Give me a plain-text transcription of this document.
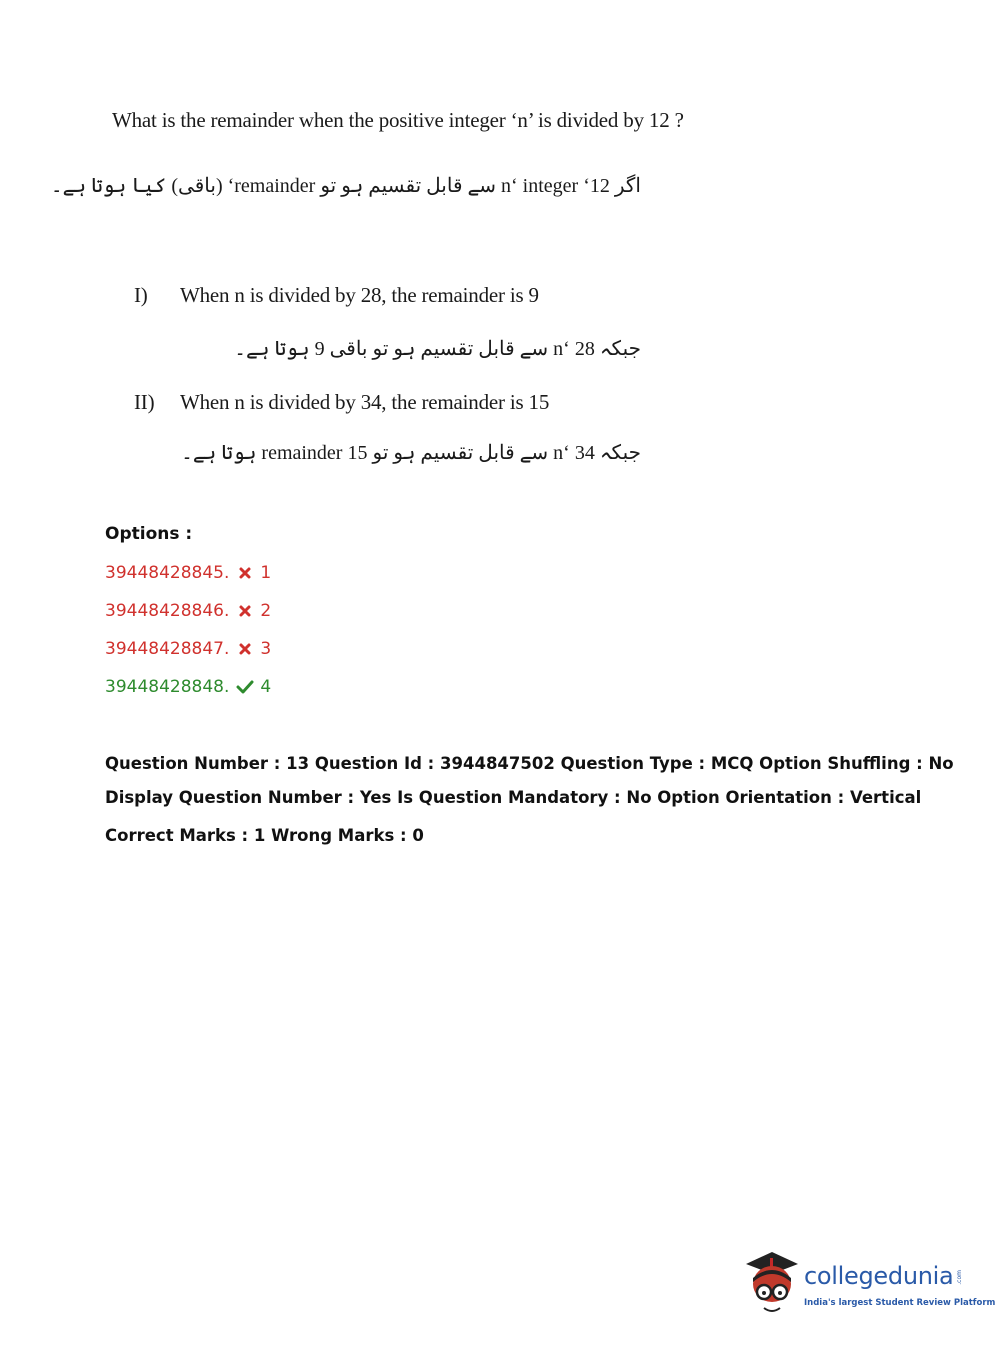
What is the remainder when the positive integer ‘n’ is divided by 12 ?
اگر n‘ integer ‘12 سے قابل تقسیم ہو تو remainder‘ (باقی) کیا ہوتا ہے۔
I) When n is divided by 28, the remainder is 9
جبکہ n‘ 28 سے قابل تقسیم ہو تو باقی 9 ہوتا ہے۔
II) When n is divided by 34, the remainder is 15
جبکہ n‘ 34 سے قابل تقسیم ہو تو 15 remainder ہوتا ہے۔
Options :
39448428845. 1
39448428846. 2
39448428847. 3
39448428848. 4
Question Number : 13 Question Id : 3944847502 Question Type : MCQ Option Shuffling : No
Display Question Number : Yes Is Question Mandatory : No Option Orientation : Vertical
Correct Marks : 1 Wrong Marks : 0
collegedunia .com
India's largest Student Review Platform
